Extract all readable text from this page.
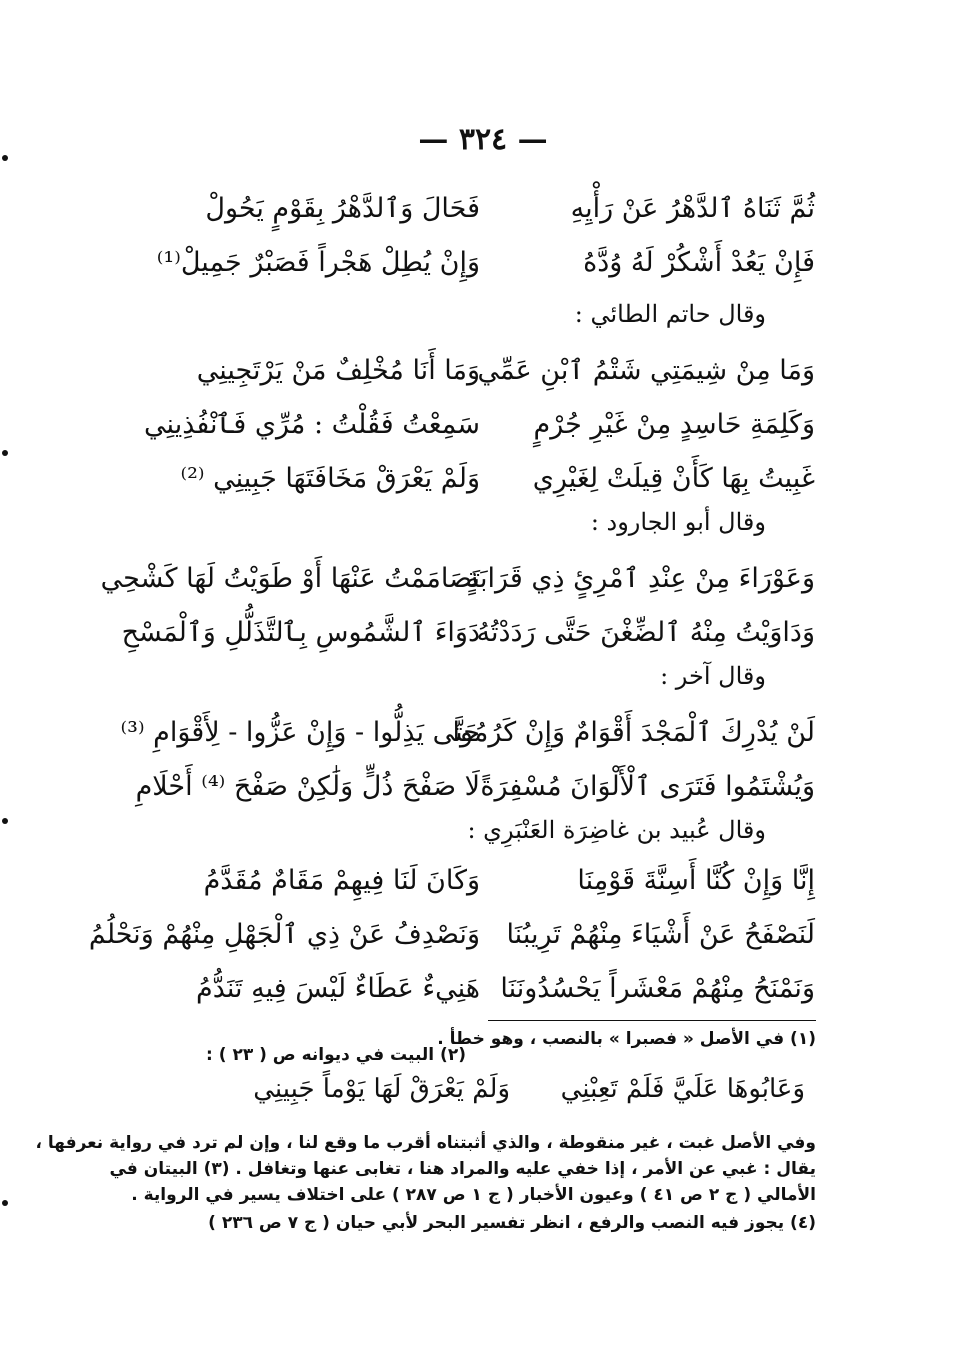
— ٣٢٤ —
ثُمَّ ثَنَاهُ ٱلدَّهْرُ عَنْ رَأْيِهِ
فَحَالَ وَٱلدَّهْرُ بِقَوْمٍ يَحُولْ
فَإِنْ يَعُدْ أَشْكُرْ لَهُ وُدَّهُ
وَإِنْ يُطِلْ هَجْراً فَصَبْرٌ جَمِيلْ⁽¹⁾
وقال حاتم الطائي :
وَمَا مِنْ شِيمَتِي شَتْمُ ٱبْنِ عَمِّي
وَمَا أَنَا مُخْلِفٌ مَنْ يَرْتَجِينِي
وَكَلِمَةِ حَاسِدٍ مِنْ غَيْرِ جُرْمٍ
سَمِعْتُ فَقُلْتُ : مُرِّي فَٱنْفُذِينِي
غَبِيتُ بِهَا كَأَنْ قِيلَتْ لِغَيْرِي
وَلَمْ يَعْرَقْ مَخَافَتَهَا جَبِينِي ⁽²⁾
وقال أبو الجارود :
وَعَوْرَاءَ مِنْ عِنْدِ ٱمْرِئٍ ذِي قَرَابَةٍ
تَصَامَمْتُ عَنْهَا أَوْ طَوَيْتُ لَهَا كَشْحِي
وَدَاوَيْتُ مِنْهُ ٱلضِّغْنَ حَتَّى رَدَدْتُهُ
دَوَاءَ ٱلشَّمُوسِ بِٱلتَّذَلُّلِ وَٱلْمَسْحِ
وقال آخر :
لَنْ يُدْرِكَ ٱلْمَجْدَ أَقْوَامٌ وَإِنْ كَرُمُوا
حَتَّى يَذِلُّوا - وَإِنْ عَزُّوا - لِأَقْوَامِ ⁽³⁾
وَيُشْتَمُوا فَتَرَى ٱلْأَلْوَانَ مُسْفِرَةً
لَا صَفْحَ ذُلٍّ وَلَٰكِنْ صَفْحَ ⁽⁴⁾ أَحْلَامِ
وقال عُبيد بن غاضِرَة العَنْبَرِي :
إِنَّا وَإِنْ كُنَّا أَسِنَّةَ قَوْمِنَا
وَكَانَ لَنَا فِيهِمْ مَقَامٌ مُقَدَّمُ
لَنَصْفَحُ عَنْ أَشْيَاءَ مِنْهُمْ تَرِيبُنَا
وَنَصْدِفُ عَنْ ذِي ٱلْجَهْلِ مِنْهُمْ وَنَحْلُمُ
وَنَمْنَحُ مِنْهُمْ مَعْشَراً يَحْسُدُونَنَا
هَنِيءٌ عَطَاءٌ لَيْسَ فِيهِ تَنَدُّمُ
(١) في الأصل « فصبرا » بالنصب ، وهو خطأ .
(٢) البيت في ديوانه ص ( ٢٣ ) :
وَعَابُوهَا عَلَيَّ فَلَمْ تَعِبْنِي
وَلَمْ يَعْرَقْ لَهَا يَوْماً جَبِينِي
وفي الأصل غبت ، غير منقوطة ، والذي أثبتناه أقرب ما وقع لنا ، وإن لم ترد في رواية نعرفها ،
يقال : غبي عن الأمر ، إذا خفي عليه والمراد هنا ، تغابى عنها وتغافل . (٣) البيتان في
الأمالي ( ج ٢ ص ٤١ ) وعيون الأخبار ( ج ١ ص ٢٨٧ ) على اختلاف يسير في الرواية .
(٤) يجوز فيه النصب والرفع ، انظر تفسير البحر لأبي حيان ( ج ٧ ص ٢٣٦ )
